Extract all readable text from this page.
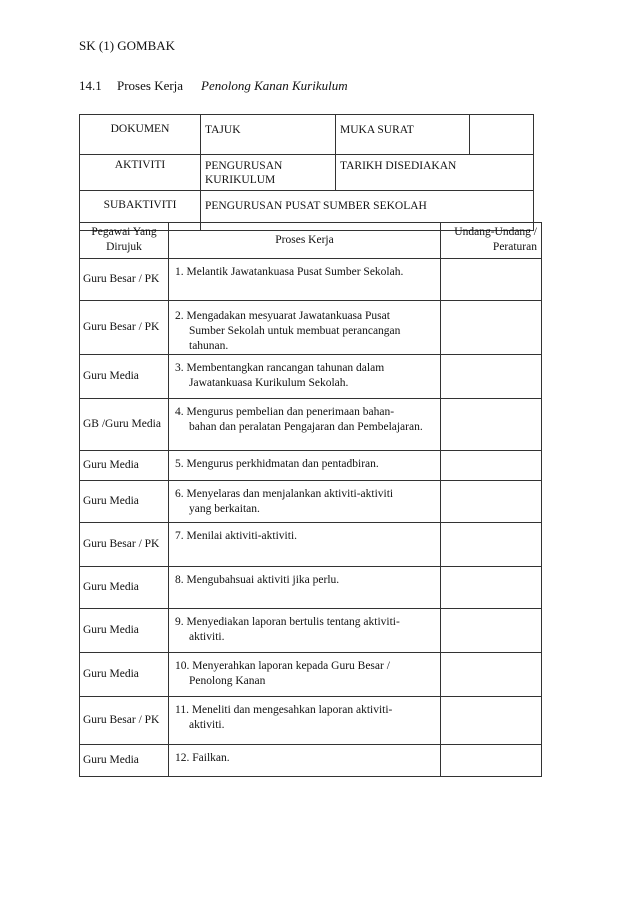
SK (1) GOMBAK
14.1 Proses Kerja Penolong Kanan Kurikulum
DOKUMEN	TAJUK	MUKA SURAT	
AKTIVITI	PENGURUSAN KURIKULUM	TARIKH DISEDIAKAN	
SUBAKTIVITI	PENGURUSAN PUSAT SUMBER SEKOLAH		
Pegawai Yang Dirujuk	Proses Kerja	Undang-Undang / Peraturan
Guru Besar / PK	1. Melantik Jawatankuasa Pusat Sumber Sekolah.	
Guru Besar / PK	2. Mengadakan mesyuarat Jawatankuasa Pusat
Sumber Sekolah untuk membuat perancangan tahunan.	

Guru Media	3. Membentangkan rancangan tahunan dalam
Jawatankuasa Kurikulum Sekolah.	

GB /Guru Media	4. Mengurus pembelian dan penerimaan bahan-
bahan dan peralatan Pengajaran dan Pembelajaran.	

Guru Media	5. Mengurus perkhidmatan dan pentadbiran.	
Guru Media	6. Menyelaras dan menjalankan aktiviti-aktiviti
yang berkaitan.	

Guru Besar / PK	7. Menilai aktiviti-aktiviti.	
Guru Media	8. Mengubahsuai aktiviti jika perlu.	
Guru Media	9. Menyediakan laporan bertulis tentang aktiviti-
aktiviti.	

Guru Media	10. Menyerahkan laporan kepada Guru Besar /
Penolong Kanan	

Guru Besar / PK	11. Meneliti dan mengesahkan laporan aktiviti-
aktiviti.	

Guru Media	12. Failkan.	
